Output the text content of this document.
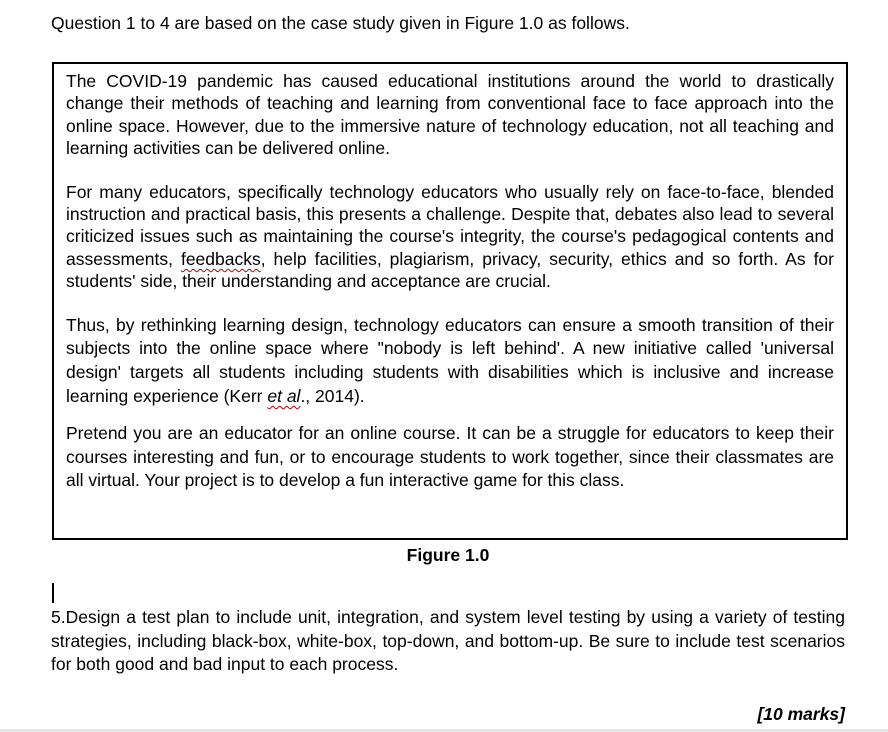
Question 1 to 4 are based on the case study given in Figure 1.0 as follows.

The COVID-19 pandemic has caused educational institutions around the world to drastically change their methods of teaching and learning from conventional face to face approach into the online space. However, due to the immersive nature of technology education, not all teaching and learning activities can be delivered online.

For many educators, specifically technology educators who usually rely on face-to-face, blended instruction and practical basis, this presents a challenge. Despite that, debates also lead to several criticized issues such as maintaining the course's integrity, the course's pedagogical contents and assessments, feedbacks, help facilities, plagiarism, privacy, security, ethics and so forth. As for students' side, their understanding and acceptance are crucial.

Thus, by rethinking learning design, technology educators can ensure a smooth transition of their subjects into the online space where "nobody is left behind'. A new initiative called 'universal design' targets all students including students with disabilities which is inclusive and increase learning experience (Kerr et al., 2014).

Pretend you are an educator for an online course. It can be a struggle for educators to keep their courses interesting and fun, or to encourage students to work together, since their classmates are all virtual. Your project is to develop a fun interactive game for this class.

Figure 1.0
5.Design a test plan to include unit, integration, and system level testing by using a variety of testing strategies, including black-box, white-box, top-down, and bottom-up. Be sure to include test scenarios for both good and bad input to each process.
[10 marks]
